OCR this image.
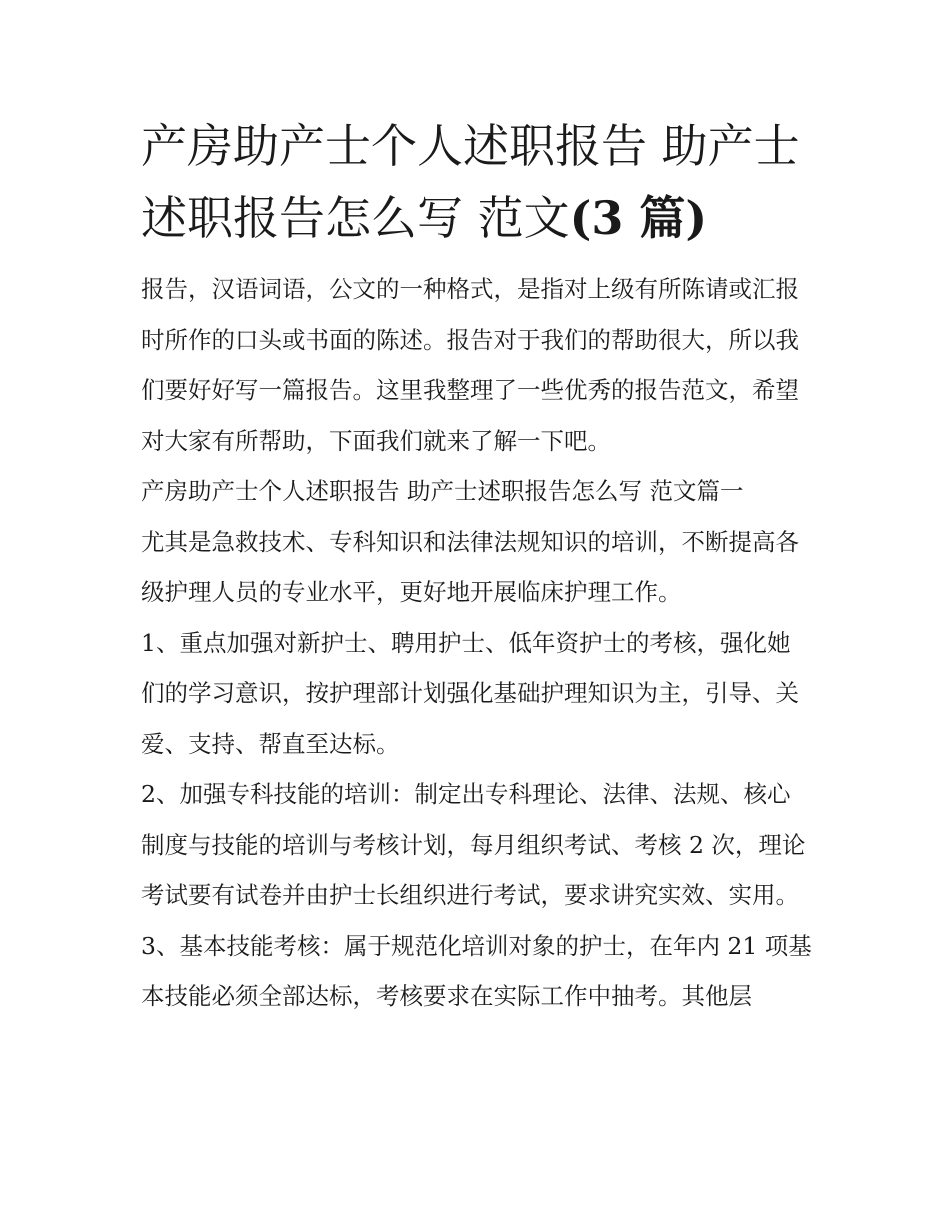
产房助产士个人述职报告 助产士述职报告怎么写 范文(3 篇)

报告，汉语词语，公文的一种格式，是指对上级有所陈请或汇报时所作的口头或书面的陈述。报告对于我们的帮助很大，所以我们要好好写一篇报告。这里我整理了一些优秀的报告范文，希望对大家有所帮助，下面我们就来了解一下吧。

产房助产士个人述职报告 助产士述职报告怎么写 范文篇一

尤其是急救技术、专科知识和法律法规知识的培训，不断提高各级护理人员的专业水平，更好地开展临床护理工作。

1、重点加强对新护士、聘用护士、低年资护士的考核，强化她们的学习意识，按护理部计划强化基础护理知识为主，引导、关爱、支持、帮直至达标。

2、加强专科技能的培训：制定出专科理论、法律、法规、核心制度与技能的培训与考核计划，每月组织考试、考核 2 次，理论考试要有试卷并由护士长组织进行考试，要求讲究实效、实用。

3、基本技能考核：属于规范化培训对象的护士，在年内 21 项基本技能必须全部达标，考核要求在实际工作中抽考。其他层
